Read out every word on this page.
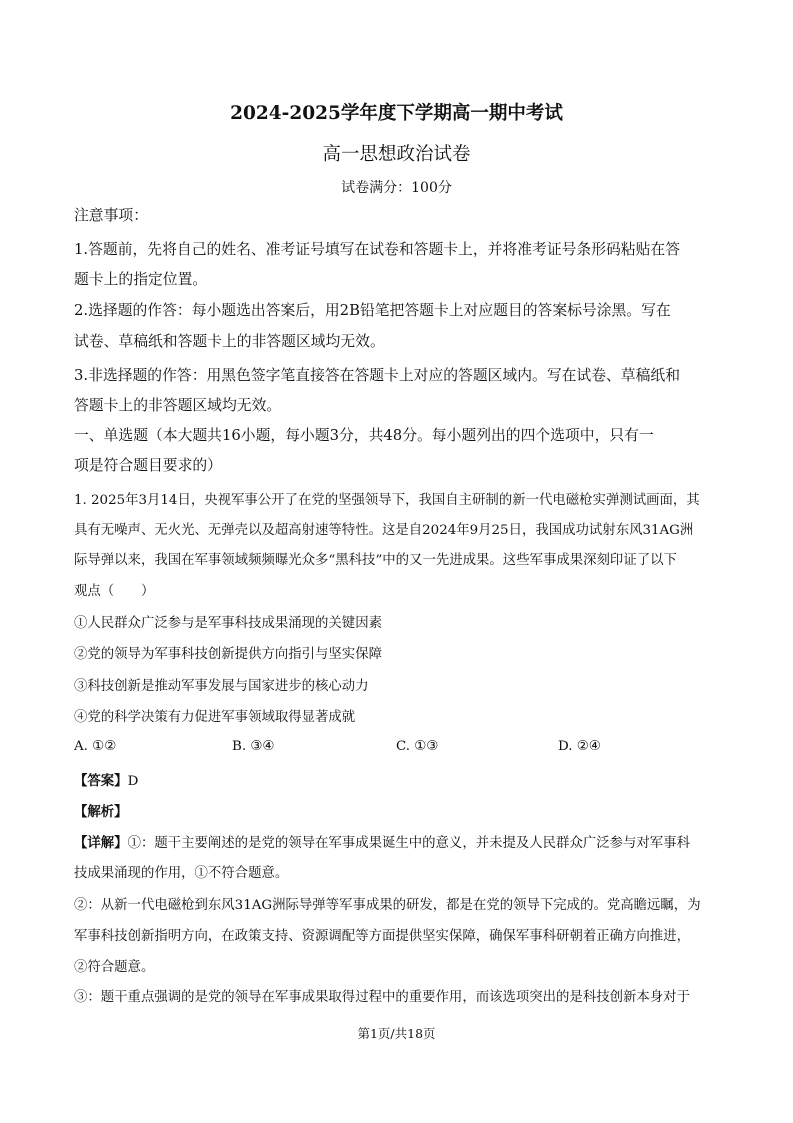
2024-2025学年度下学期高一期中考试
高一思想政治试卷
试卷满分：100分
注意事项：
1.答题前，先将自己的姓名、准考证号填写在试卷和答题卡上，并将准考证号条形码粘贴在答
题卡上的指定位置。
2.选择题的作答：每小题选出答案后，用2B铅笔把答题卡上对应题目的答案标号涂黑。写在
试卷、草稿纸和答题卡上的非答题区域均无效。
3.非选择题的作答：用黑色签字笔直接答在答题卡上对应的答题区域内。写在试卷、草稿纸和
答题卡上的非答题区域均无效。
一、单选题（本大题共16小题，每小题3分，共48分。每小题列出的四个选项中，只有一
项是符合题目要求的）
1. 2025年3月14日，央视军事公开了在党的坚强领导下，我国自主研制的新一代电磁枪实弹测试画面，其
具有无噪声、无火光、无弹壳以及超高射速等特性。这是自2024年9月25日，我国成功试射东风31AG洲
际导弹以来，我国在军事领域频频曝光众多“黑科技”中的又一先进成果。这些军事成果深刻印证了以下
观点（　　）
①人民群众广泛参与是军事科技成果涌现的关键因素
②党的领导为军事科技创新提供方向指引与坚实保障
③科技创新是推动军事发展与国家进步的核心动力
④党的科学决策有力促进军事领域取得显著成就
A. ①②	B. ③④	C. ①③	D. ②④
【答案】D
【解析】
【详解】①：题干主要阐述的是党的领导在军事成果诞生中的意义，并未提及人民群众广泛参与对军事科
技成果涌现的作用，①不符合题意。
②：从新一代电磁枪到东风31AG洲际导弹等军事成果的研发，都是在党的领导下完成的。党高瞻远瞩，为
军事科技创新指明方向，在政策支持、资源调配等方面提供坚实保障，确保军事科研朝着正确方向推进，
②符合题意。
③：题干重点强调的是党的领导在军事成果取得过程中的重要作用，而该选项突出的是科技创新本身对于
第1页/共18页
